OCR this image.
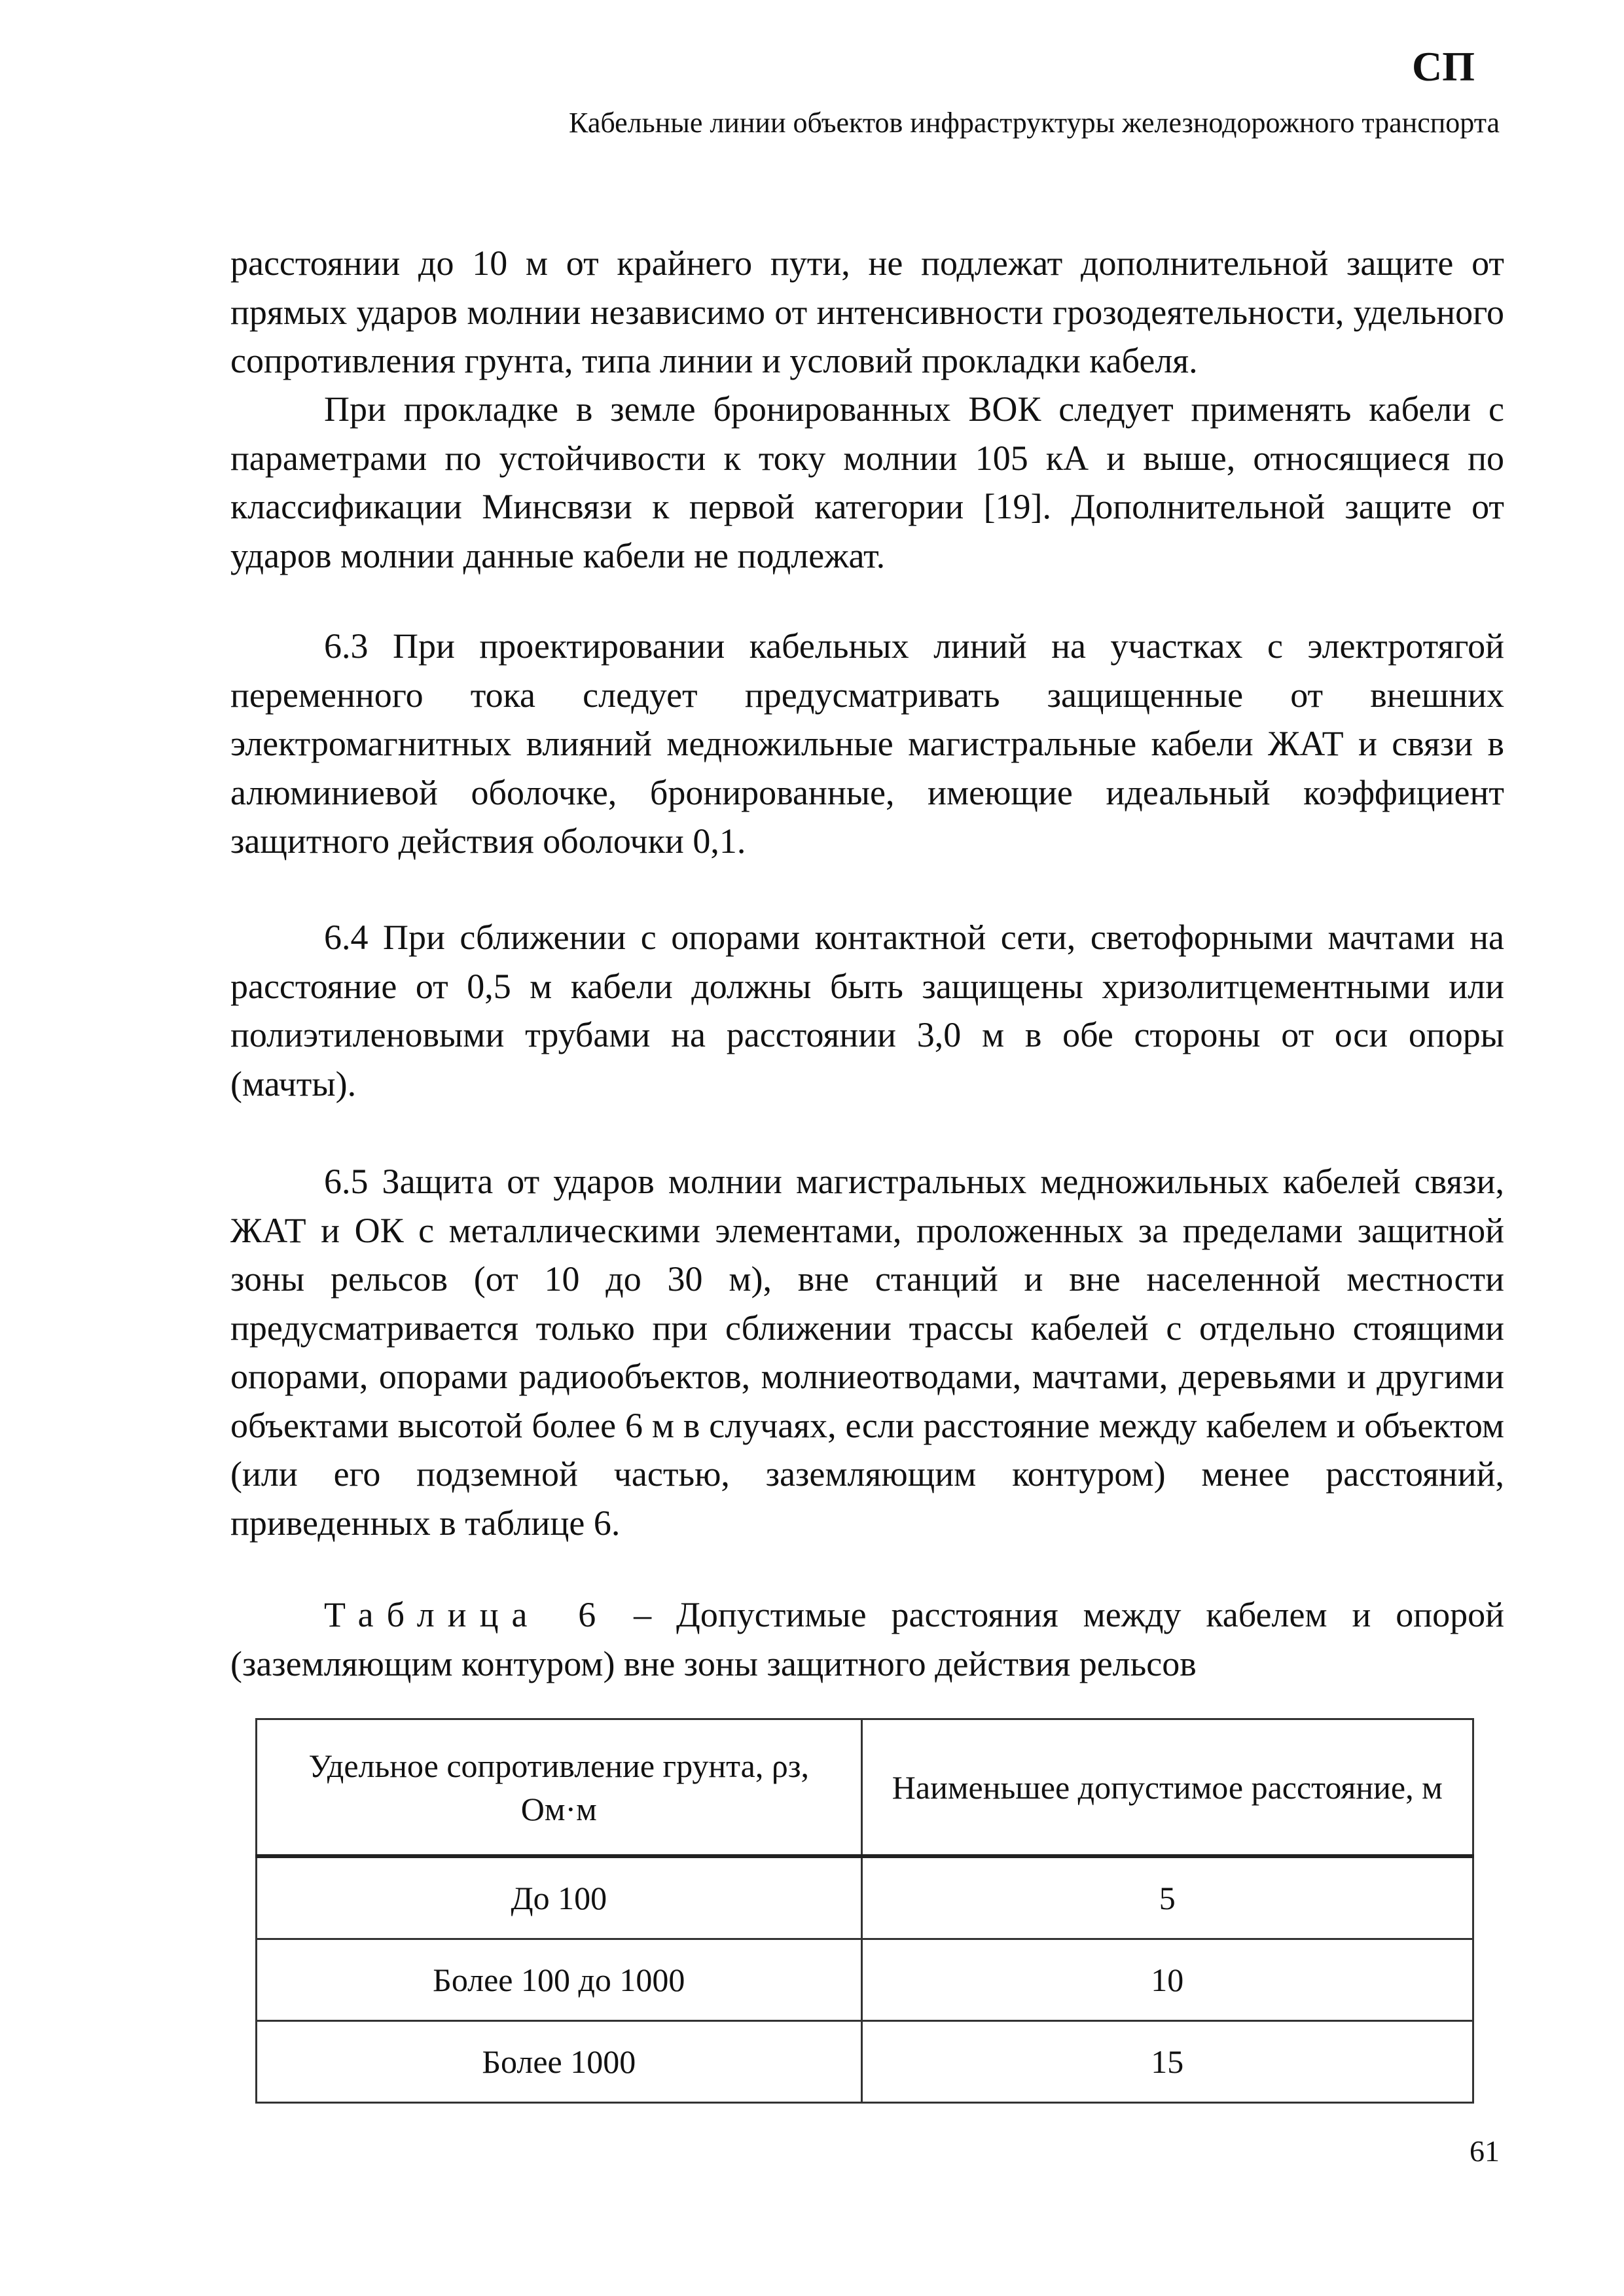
СП
Кабельные линии объектов инфраструктуры железнодорожного транспорта

расстоянии до 10 м от крайнего пути, не подлежат дополнительной защите от прямых ударов молнии независимо от интенсивности грозодеятельности, удельного сопротивления грунта, типа линии и условий прокладки кабеля.

При прокладке в земле бронированных ВОК следует применять кабели с параметрами по устойчивости к току молнии 105 кА и выше, относящиеся по классификации Минсвязи к первой категории [19]. Дополнительной защите от ударов молнии данные кабели не подлежат.

6.3 При проектировании кабельных линий на участках с электротягой переменного тока следует предусматривать защищенные от внешних электромагнитных влияний медножильные магистральные кабели ЖАТ и связи в алюминиевой оболочке, бронированные, имеющие идеальный коэффициент защитного действия оболочки 0,1.

6.4 При сближении с опорами контактной сети, светофорными мачтами на расстояние от 0,5 м кабели должны быть защищены хризолитцементными или полиэтиленовыми трубами на расстоянии 3,0 м в обе стороны от оси опоры (мачты).

6.5 Защита от ударов молнии магистральных медножильных кабелей связи, ЖАТ и ОК с металлическими элементами, проложенных за пределами защитной зоны рельсов (от 10 до 30 м), вне станций и вне населенной местности предусматривается только при сближении трассы кабелей с отдельно стоящими опорами, опорами радиообъектов, молниеотводами, мачтами, деревьями и другими объектами высотой более 6 м в случаях, если расстояние между кабелем и объектом (или его подземной частью, заземляющим контуром) менее расстояний, приведенных в таблице 6.

Таблица 6 – Допустимые расстояния между кабелем и опорой (заземляющим контуром) вне зоны защитного действия рельсов

Удельное сопротивление грунта, ρз, Ом·м	Наименьшее допустимое расстояние, м
До 100	5
Более 100 до 1000	10
Более 1000	15
61
